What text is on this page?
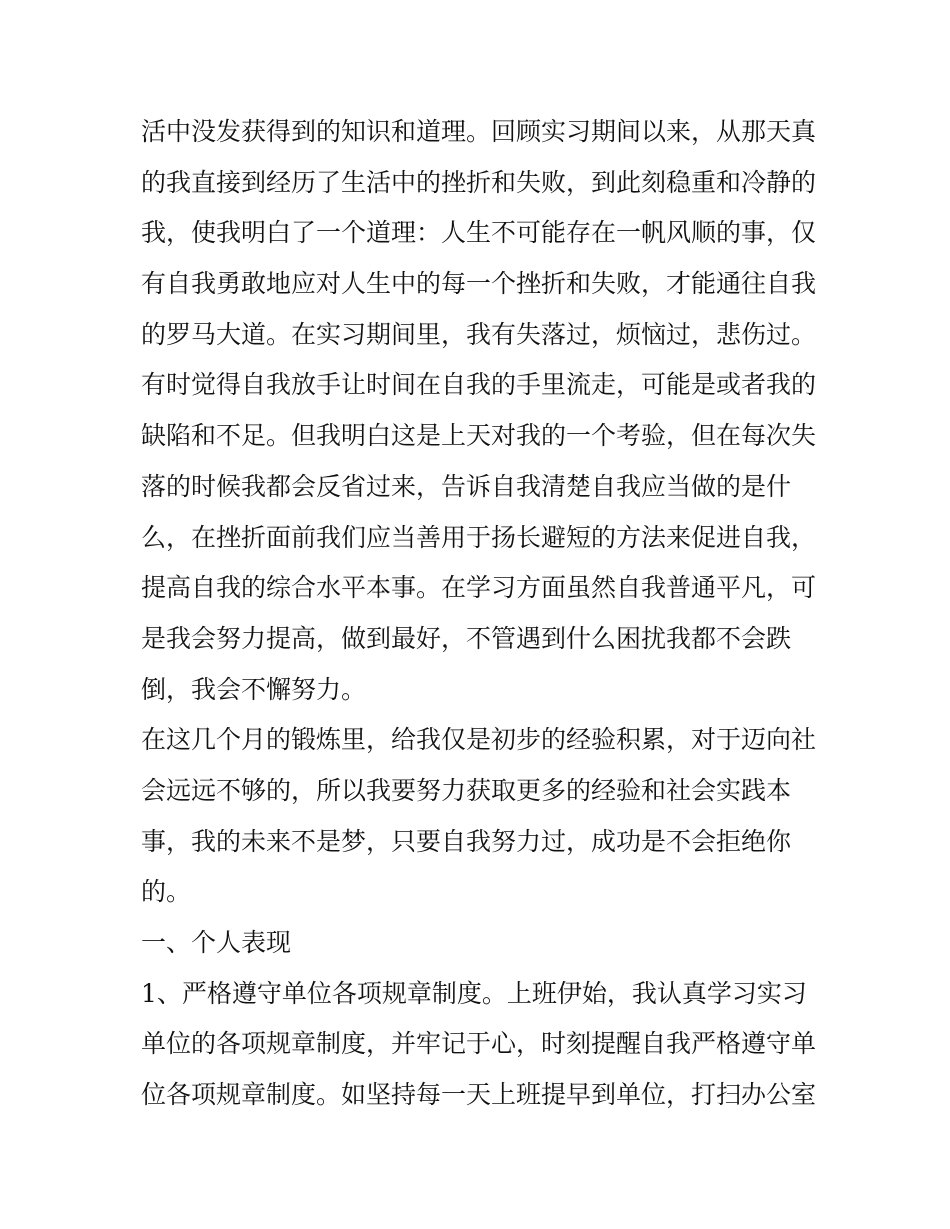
活中没发获得到的知识和道理。回顾实习期间以来，从那天真
的我直接到经历了生活中的挫折和失败，到此刻稳重和冷静的
我，使我明白了一个道理：人生不可能存在一帆风顺的事，仅
有自我勇敢地应对人生中的每一个挫折和失败，才能通往自我
的罗马大道。在实习期间里，我有失落过，烦恼过，悲伤过。
有时觉得自我放手让时间在自我的手里流走，可能是或者我的
缺陷和不足。但我明白这是上天对我的一个考验，但在每次失
落的时候我都会反省过来，告诉自我清楚自我应当做的是什
么，在挫折面前我们应当善用于扬长避短的方法来促进自我，
提高自我的综合水平本事。在学习方面虽然自我普通平凡，可
是我会努力提高，做到最好，不管遇到什么困扰我都不会跌
倒，我会不懈努力。
在这几个月的锻炼里，给我仅是初步的经验积累，对于迈向社
会远远不够的，所以我要努力获取更多的经验和社会实践本
事，我的未来不是梦，只要自我努力过，成功是不会拒绝你
的。
一、个人表现
1、严格遵守单位各项规章制度。上班伊始，我认真学习实习
单位的各项规章制度，并牢记于心，时刻提醒自我严格遵守单
位各项规章制度。如坚持每一天上班提早到单位，打扫办公室
